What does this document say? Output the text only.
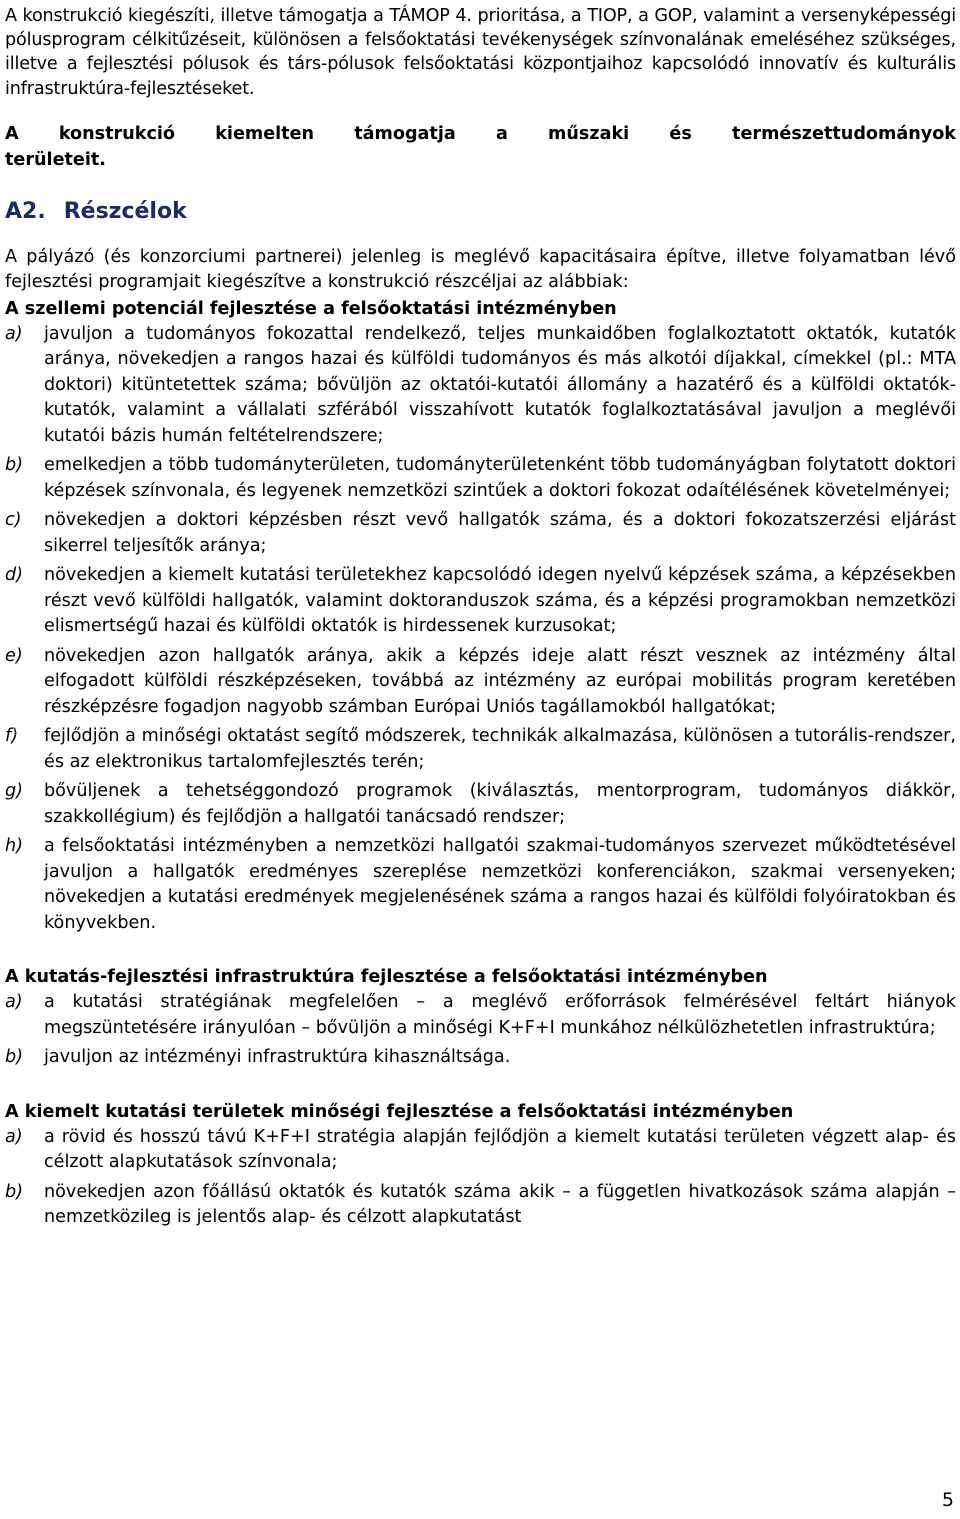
A konstrukció kiegészíti, illetve támogatja a TÁMOP 4. prioritása, a TIOP, a GOP, valamint a versenyképességi pólusprogram célkitűzéseit, különösen a felsőoktatási tevékenységek színvonalának emeléséhez szükséges, illetve a fejlesztési pólusok és társ-pólusok felsőoktatási központjaihoz kapcsolódó innovatív és kulturális infrastruktúra-fejlesztéseket.

A konstrukció kiemelten támogatja a műszaki és természettudományok
területeit.

A2. Részcélok

A pályázó (és konzorciumi partnerei) jelenleg is meglévő kapacitásaira építve, illetve folyamatban lévő fejlesztési programjait kiegészítve a konstrukció részcéljai az alábbiak:

A szellemi potenciál fejlesztése a felsőoktatási intézményben
a) javuljon a tudományos fokozattal rendelkező, teljes munkaidőben foglalkoztatott oktatók, kutatók aránya, növekedjen a rangos hazai és külföldi tudományos és más alkotói díjakkal, címekkel (pl.: MTA doktori) kitüntetettek száma; bővüljön az oktatói-kutatói állomány a hazatérő és a külföldi oktatók-kutatók, valamint a vállalati szférából visszahívott kutatók foglalkoztatásával javuljon a meglévői kutatói bázis humán feltételrendszere;
b) emelkedjen a több tudományterületen, tudományterületenként több tudományágban folytatott doktori képzések színvonala, és legyenek nemzetközi szintűek a doktori fokozat odaítélésének követelményei;
c) növekedjen a doktori képzésben részt vevő hallgatók száma, és a doktori fokozatszerzési eljárást sikerrel teljesítők aránya;
d) növekedjen a kiemelt kutatási területekhez kapcsolódó idegen nyelvű képzések száma, a képzésekben részt vevő külföldi hallgatók, valamint doktoranduszok száma, és a képzési programokban nemzetközi elismertségű hazai és külföldi oktatók is hirdessenek kurzusokat;
e) növekedjen azon hallgatók aránya, akik a képzés ideje alatt részt vesznek az intézmény által elfogadott külföldi részképzéseken, továbbá az intézmény az európai mobilitás program keretében részképzésre fogadjon nagyobb számban Európai Uniós tagállamokból hallgatókat;
f) fejlődjön a minőségi oktatást segítő módszerek, technikák alkalmazása, különösen a tutorális-rendszer, és az elektronikus tartalomfejlesztés terén;
g) bővüljenek a tehetséggondozó programok (kiválasztás, mentorprogram, tudományos diákkör, szakkollégium) és fejlődjön a hallgatói tanácsadó rendszer;
h) a felsőoktatási intézményben a nemzetközi hallgatói szakmai-tudományos szervezet működtetésével javuljon a hallgatók eredményes szereplése nemzetközi konferenciákon, szakmai versenyeken; növekedjen a kutatási eredmények megjelenésének száma a rangos hazai és külföldi folyóiratokban és könyvekben.
A kutatás-fejlesztési infrastruktúra fejlesztése a felsőoktatási intézményben
a) a kutatási stratégiának megfelelően – a meglévő erőforrások felmérésével feltárt hiányok megszüntetésére irányulóan – bővüljön a minőségi K+F+I munkához nélkülözhetetlen infrastruktúra;
b) javuljon az intézményi infrastruktúra kihasználtsága.
A kiemelt kutatási területek minőségi fejlesztése a felsőoktatási intézményben
a) a rövid és hosszú távú K+F+I stratégia alapján fejlődjön a kiemelt kutatási területen végzett alap- és célzott alapkutatások színvonala;
b) növekedjen azon főállású oktatók és kutatók száma akik – a független hivatkozások száma alapján – nemzetközileg is jelentős alap- és célzott alapkutatást
5
